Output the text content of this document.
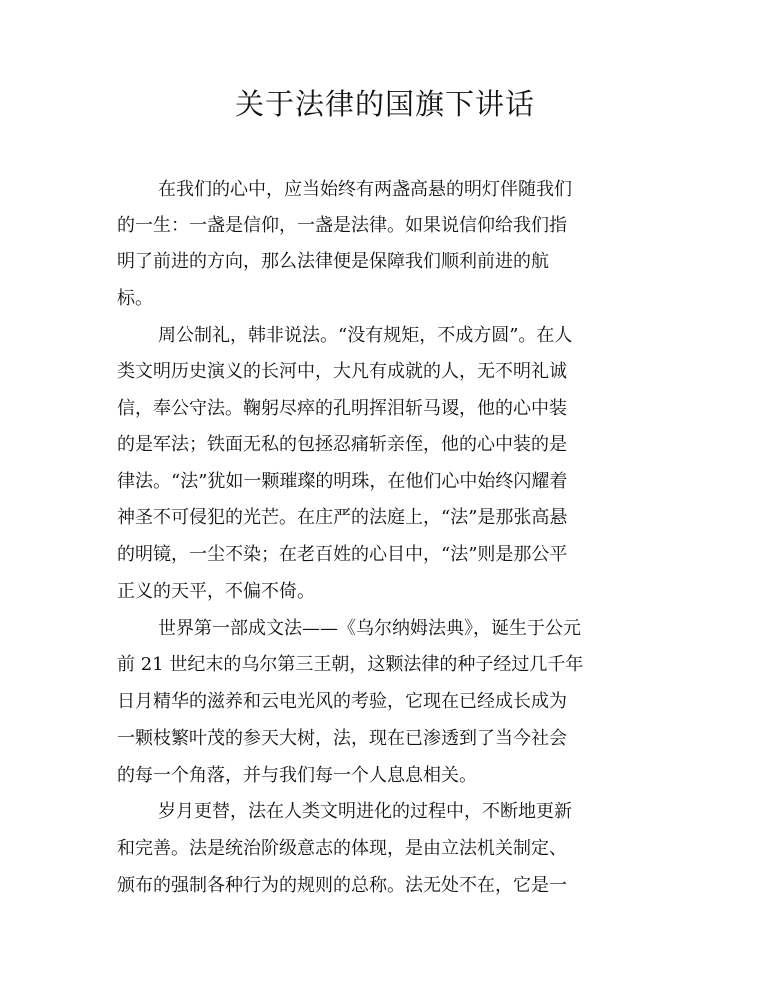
关于法律的国旗下讲话
在我们的心中，应当始终有两盏高悬的明灯伴随我们
的一生：一盏是信仰，一盏是法律。如果说信仰给我们指
明了前进的方向，那么法律便是保障我们顺利前进的航
标。
周公制礼，韩非说法。“没有规矩，不成方圆”。在人
类文明历史演义的长河中，大凡有成就的人，无不明礼诚
信，奉公守法。鞠躬尽瘁的孔明挥泪斩马谡，他的心中装
的是军法；铁面无私的包拯忍痛斩亲侄，他的心中装的是
律法。“法”犹如一颗璀璨的明珠，在他们心中始终闪耀着
神圣不可侵犯的光芒。在庄严的法庭上，“法”是那张高悬
的明镜，一尘不染；在老百姓的心目中，“法”则是那公平
正义的天平，不偏不倚。
世界第一部成文法——《乌尔纳姆法典》，诞生于公元
前 21 世纪末的乌尔第三王朝，这颗法律的种子经过几千年
日月精华的滋养和云电光风的考验，它现在已经成长成为
一颗枝繁叶茂的参天大树，法，现在已渗透到了当今社会
的每一个角落，并与我们每一个人息息相关。
岁月更替，法在人类文明进化的过程中，不断地更新
和完善。法是统治阶级意志的体现，是由立法机关制定、
颁布的强制各种行为的规则的总称。法无处不在，它是一
